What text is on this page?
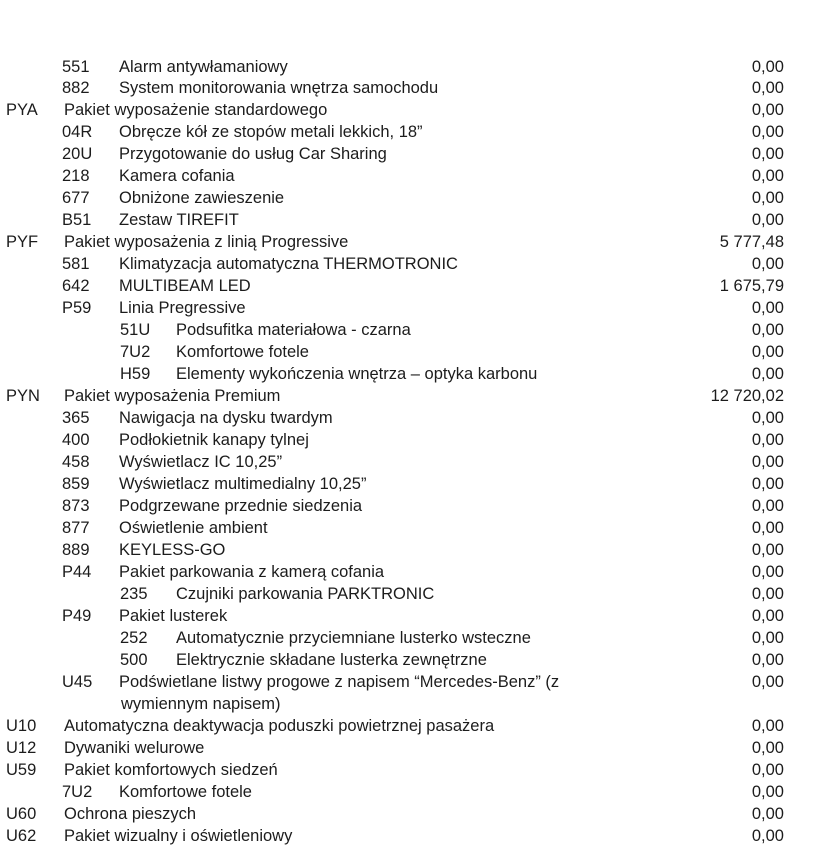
551 Alarm antywłamaniowy	0,00
882 System monitorowania wnętrza samochodu	0,00
PYA Pakiet wyposażenie standardowego	0,00
04R Obręcze kół ze stopów metali lekkich, 18”	0,00
20U Przygotowanie do usług Car Sharing	0,00
218 Kamera cofania	0,00
677 Obniżone zawieszenie	0,00
B51 Zestaw TIREFIT	0,00
PYF Pakiet wyposażenia z linią Progressive	5 777,48
581 Klimatyzacja automatyczna THERMOTRONIC	0,00
642 MULTIBEAM LED	1 675,79
P59 Linia Pregressive	0,00
51U Podsufitka materiałowa - czarna	0,00
7U2 Komfortowe fotele	0,00
H59 Elementy wykończenia wnętrza – optyka karbonu	0,00
PYN Pakiet wyposażenia Premium	12 720,02
365 Nawigacja na dysku twardym	0,00
400 Podłokietnik kanapy tylnej	0,00
458 Wyświetlacz IC 10,25”	0,00
859 Wyświetlacz multimedialny 10,25”	0,00
873 Podgrzewane przednie siedzenia	0,00
877 Oświetlenie ambient	0,00
889 KEYLESS-GO	0,00
P44 Pakiet parkowania z kamerą cofania	0,00
235 Czujniki parkowania PARKTRONIC	0,00
P49 Pakiet lusterek	0,00
252 Automatycznie przyciemniane lusterko wsteczne	0,00
500 Elektrycznie składane lusterka zewnętrzne	0,00
U45 Podświetlane listwy progowe z napisem “Mercedes-Benz” (z	0,00
wymiennym napisem)
U10 Automatyczna deaktywacja poduszki powietrznej pasażera	0,00
U12 Dywaniki welurowe	0,00
U59 Pakiet komfortowych siedzeń	0,00
7U2 Komfortowe fotele	0,00
U60 Ochrona pieszych	0,00
U62 Pakiet wizualny i oświetleniowy	0,00
